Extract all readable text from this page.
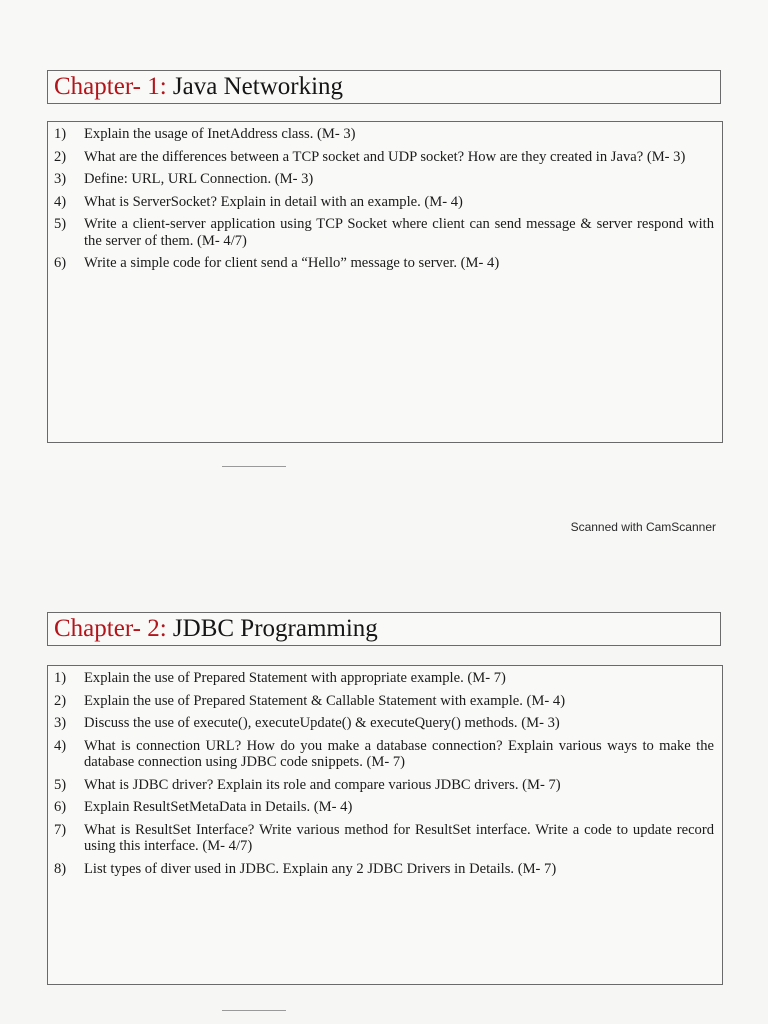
Chapter- 1: Java Networking
1)	Explain the usage of InetAddress class. (M- 3)
2)	What are the differences between a TCP socket and UDP socket? How are they created in Java? (M- 3)
3)	Define: URL, URL Connection. (M- 3)
4)	What is ServerSocket? Explain in detail with an example. (M- 4)
5)	Write a client-server application using TCP Socket where client can send message & server respond with the server of them. (M- 4/7)
6)	Write a simple code for client send a “Hello” message to server. (M- 4)
Scanned with CamScanner
Chapter- 2: JDBC Programming
1)	Explain the use of Prepared Statement with appropriate example. (M- 7)
2)	Explain the use of Prepared Statement & Callable Statement with example. (M- 4)
3)	Discuss the use of execute(), executeUpdate() & executeQuery() methods. (M- 3)
4)	What is connection URL? How do you make a database connection? Explain various ways to make the database connection using JDBC code snippets. (M- 7)
5)	What is JDBC driver? Explain its role and compare various JDBC drivers. (M- 7)
6)	Explain ResultSetMetaData in Details. (M- 4)
7)	What is ResultSet Interface? Write various method for ResultSet interface. Write a code to update record using this interface. (M- 4/7)
8)	List types of diver used in JDBC. Explain any 2 JDBC Drivers in Details. (M- 7)
